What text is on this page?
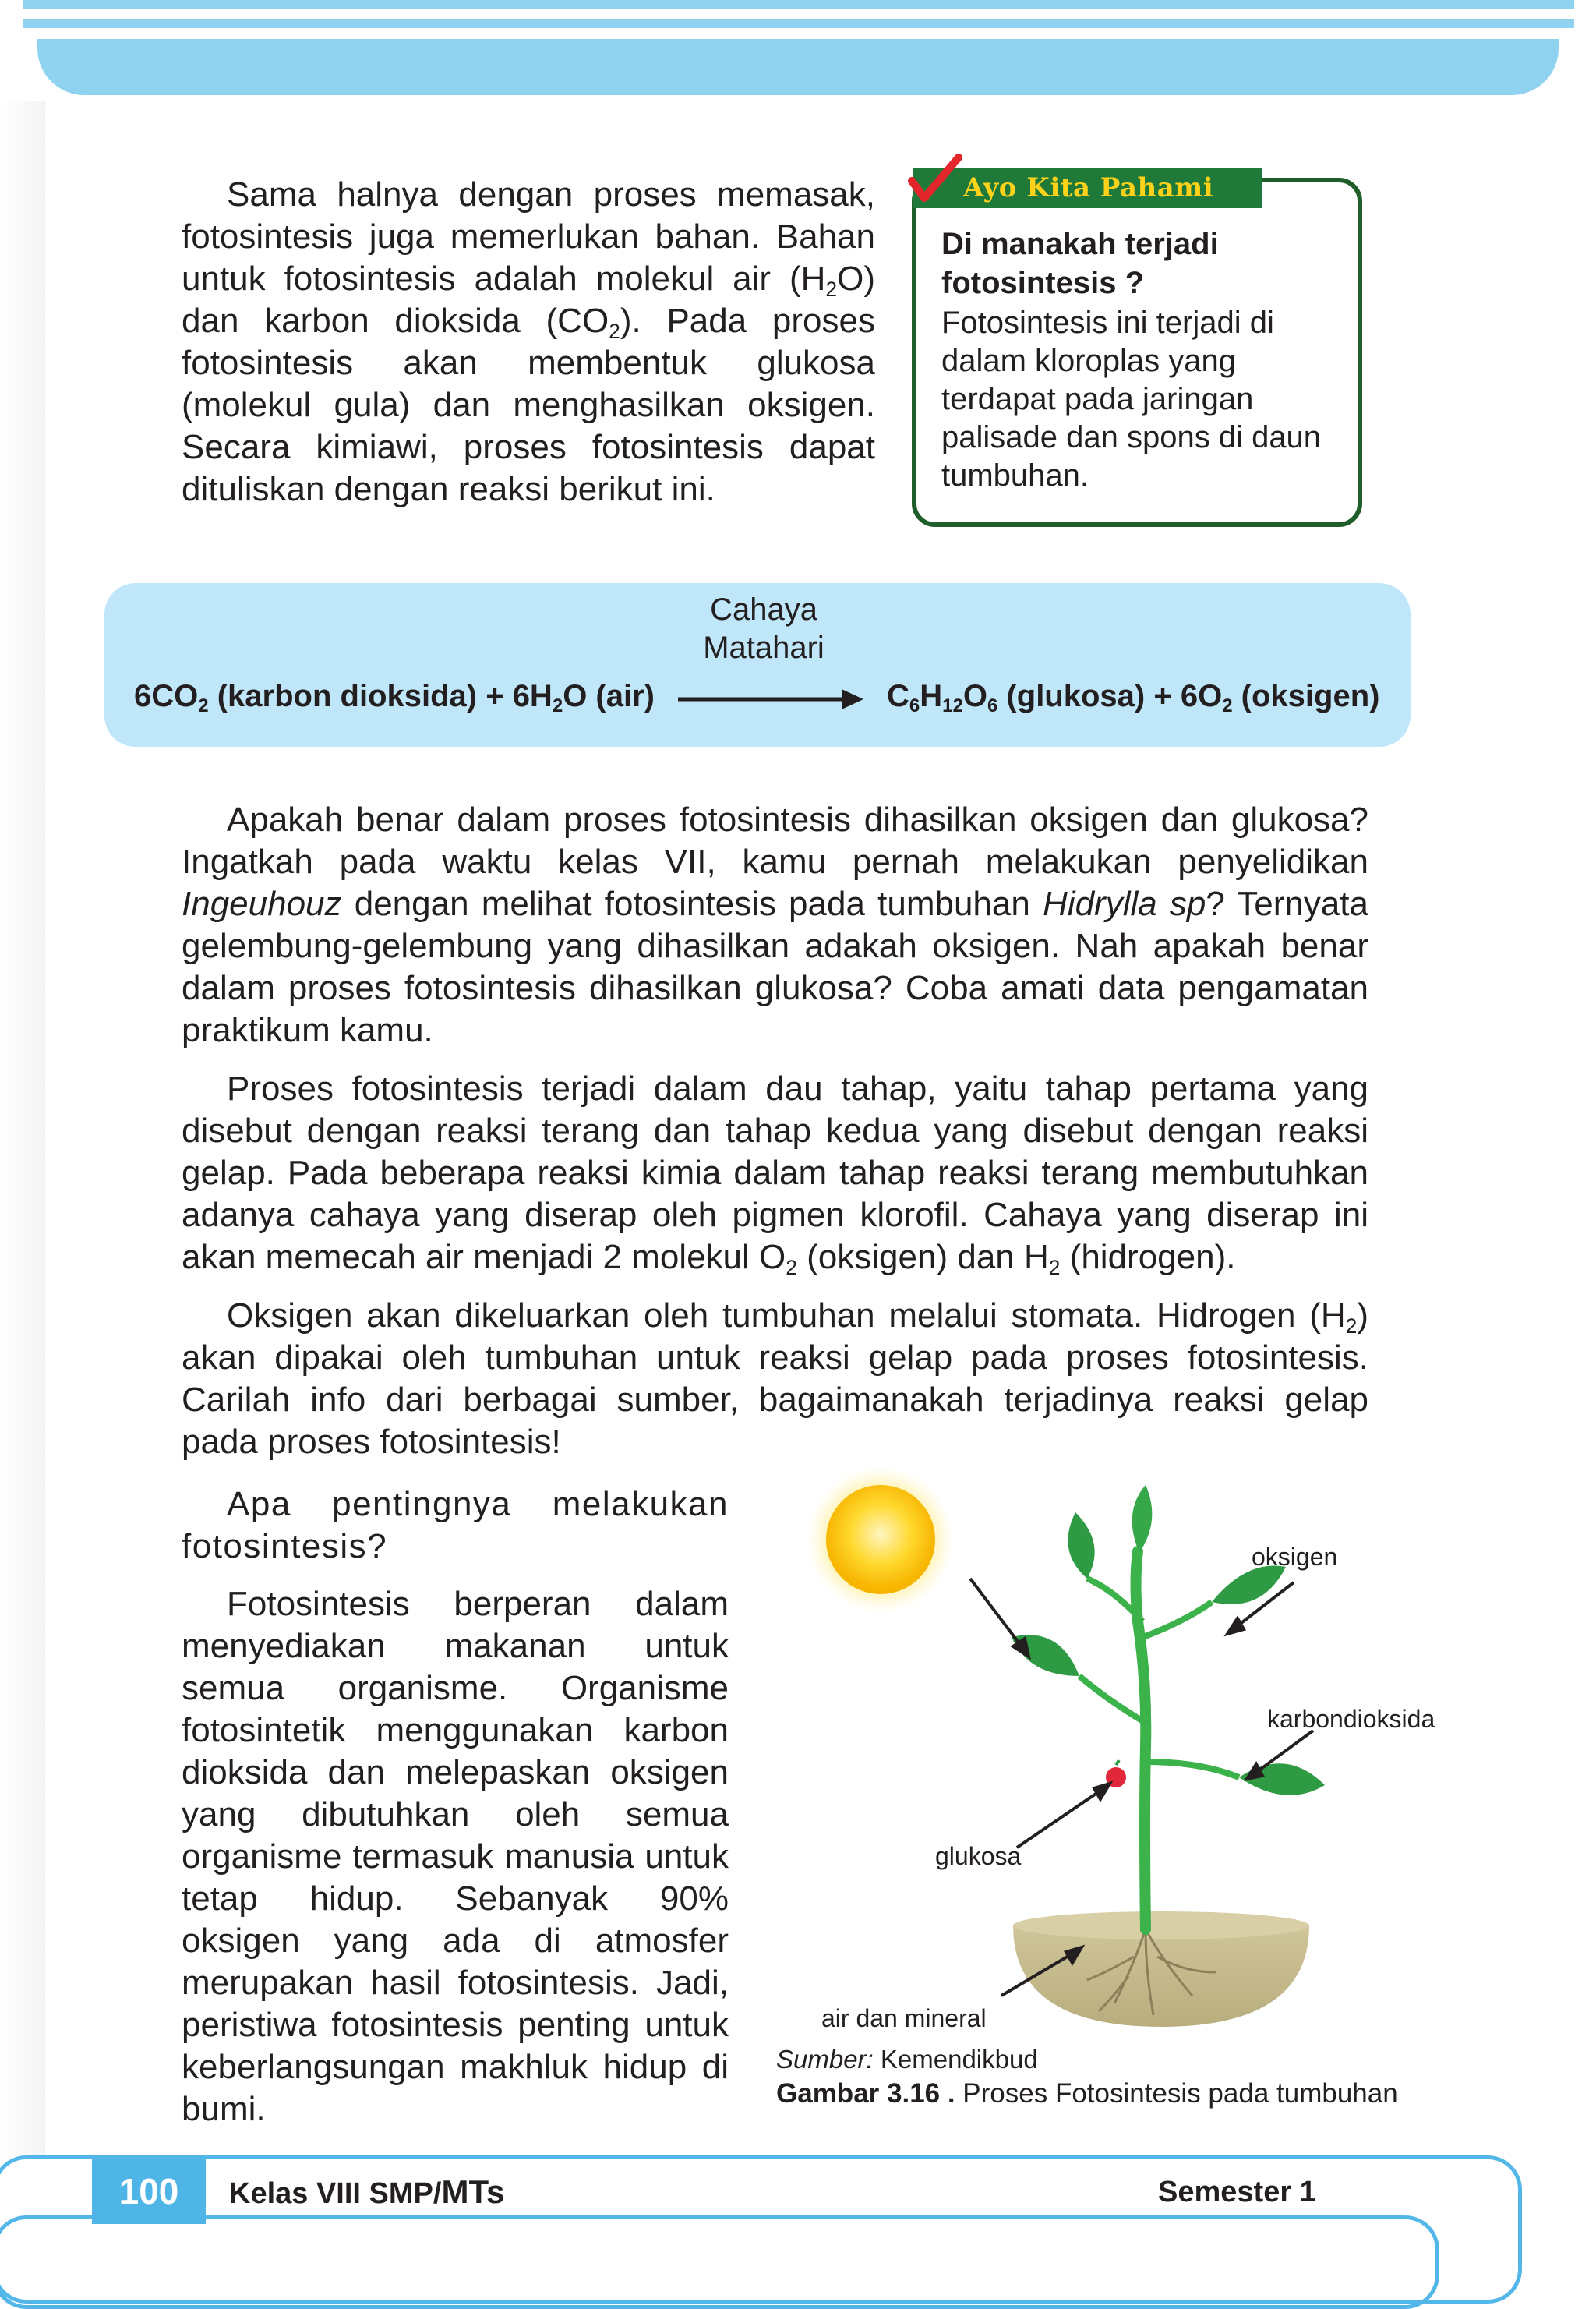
Sama halnya dengan proses memasak, fotosintesis juga memerlukan bahan. Bahan untuk fotosintesis adalah molekul air $(H_2O)$ dan karbon dioksida $(CO_2)$. Pada proses fotosintesis akan membentuk glukosa (molekul gula) dan menghasilkan oksigen. Secara kimiawi, proses fotosintesis dapat dituliskan dengan reaksi berikut ini.

Ayo Kita Pahami
Di manakah terjadi fotosintesis ?
Fotosintesis ini terjadi di dalam kloroplas yang terdapat pada jaringan palisade dan spons di daun tumbuhan.
Cahaya Matahari
$6CO_2$ (karbon dioksida) + $6H_2O$ (air)	$C_6H_{12}O_6$ (glukosa) + $6O_2$ (oksigen)

Apakah benar dalam proses fotosintesis dihasilkan oksigen dan glukosa? Ingatkah pada waktu kelas VII, kamu pernah melakukan penyelidikan Ingeuhouz dengan melihat fotosintesis pada tumbuhan Hidrylla sp? Ternyata gelembung-gelembung yang dihasilkan adakah oksigen. Nah apakah benar dalam proses fotosintesis dihasilkan glukosa? Coba amati data pengamatan praktikum kamu.

Proses fotosintesis terjadi dalam dau tahap, yaitu tahap pertama yang disebut dengan reaksi terang dan tahap kedua yang disebut dengan reaksi gelap. Pada beberapa reaksi kimia dalam tahap reaksi terang membutuhkan adanya cahaya yang diserap oleh pigmen klorofil. Cahaya yang diserap ini akan memecah air menjadi 2 molekul $O_2$ (oksigen) dan $H_2$ (hidrogen).

Oksigen akan dikeluarkan oleh tumbuhan melalui stomata. Hidrogen $(H_2)$ akan dipakai oleh tumbuhan untuk reaksi gelap pada proses fotosintesis. Carilah info dari berbagai sumber, bagaimanakah terjadinya reaksi gelap pada proses fotosintesis!

Apa pentingnya melakukan fotosintesis?

Fotosintesis berperan dalam menyediakan makanan untuk semua organisme. Organisme fotosintetik menggunakan karbon dioksida dan melepaskan oksigen yang dibutuhkan oleh semua organisme termasuk manusia untuk tetap hidup. Sebanyak 90% oksigen yang ada di atmosfer merupakan hasil fotosintesis. Jadi, peristiwa fotosintesis penting untuk keberlangsungan makhluk hidup di bumi.

oksigen
karbondioksida
glukosa
air dan mineral
Sumber: Kemendikbud
Gambar 3.16 . Proses Fotosintesis pada tumbuhan
100	Kelas VIII SMP/MTs	Semester 1
